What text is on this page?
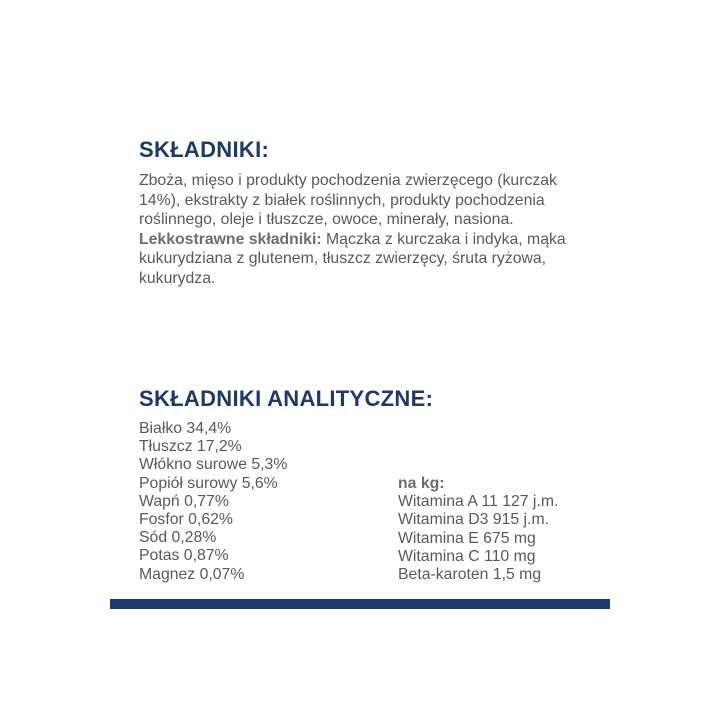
SKŁADNIKI:

Zboża, mięso i produkty pochodzenia zwierzęcego (kurczak 14%), ekstrakty z białek roślinnych, produkty pochodzenia roślinnego, oleje i tłuszcze, owoce, minerały, nasiona.

Lekkostrawne składniki: Mączka z kurczaka i indyka, mąka kukurydziana z glutenem, tłuszcz zwierzęcy, śruta ryżowa, kukurydza.

SKŁADNIKI ANALITYCZNE:
Białko 34,4%
Tłuszcz 17,2%
Włókno surowe 5,3%
Popiół surowy 5,6%
Wapń 0,77%
Fosfor 0,62%
Sód 0,28%
Potas 0,87%
Magnez 0,07%
na kg:
Witamina A 11 127 j.m.
Witamina D3 915 j.m.
Witamina E 675 mg
Witamina C 110 mg
Beta-karoten 1,5 mg
